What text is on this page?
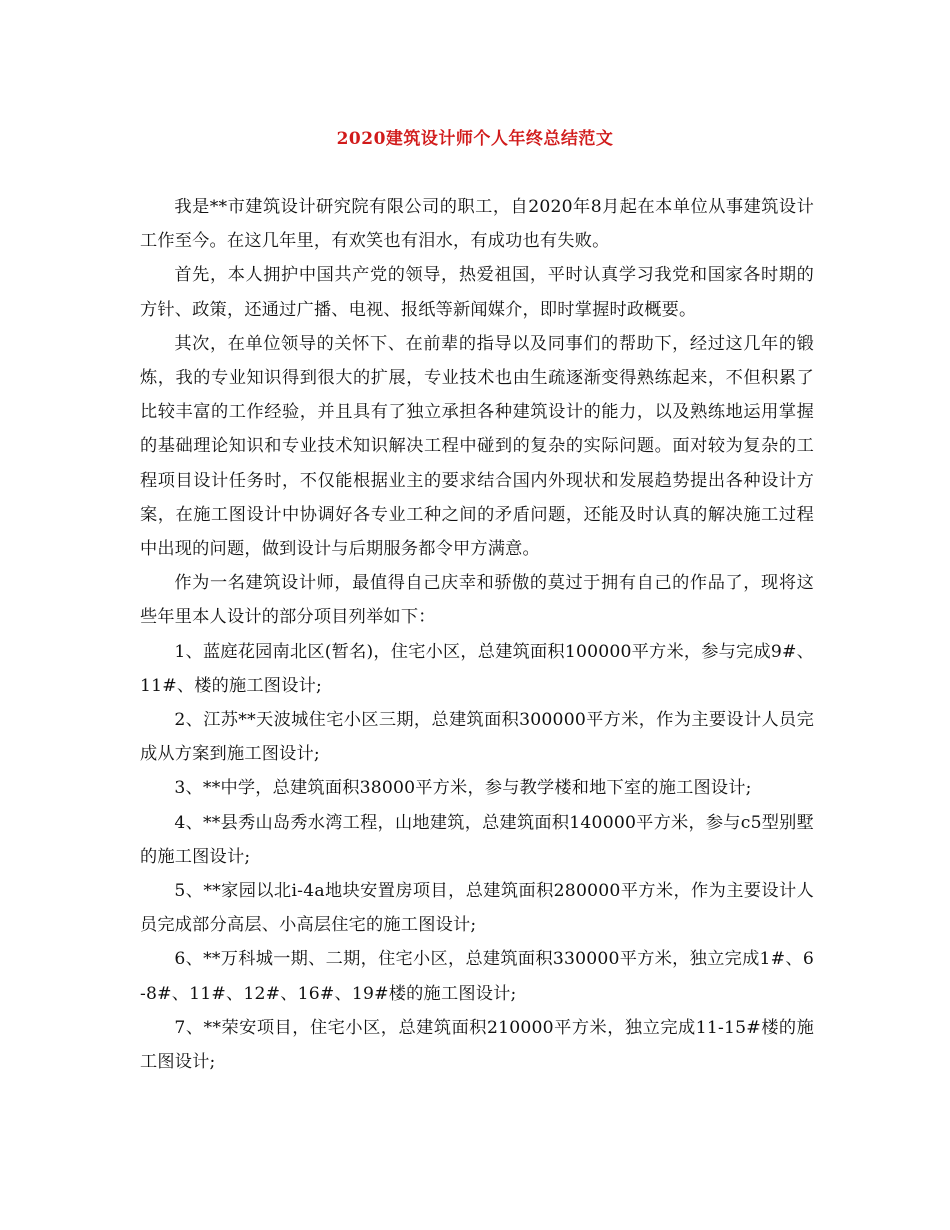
2020建筑设计师个人年终总结范文

我是**市建筑设计研究院有限公司的职工，自2020年8月起在本单位从事建筑设计工作至今。在这几年里，有欢笑也有泪水，有成功也有失败。

首先，本人拥护中国共产党的领导，热爱祖国，平时认真学习我党和国家各时期的方针、政策，还通过广播、电视、报纸等新闻媒介，即时掌握时政概要。

其次，在单位领导的关怀下、在前辈的指导以及同事们的帮助下，经过这几年的锻炼，我的专业知识得到很大的扩展，专业技术也由生疏逐渐变得熟练起来，不但积累了比较丰富的工作经验，并且具有了独立承担各种建筑设计的能力，以及熟练地运用掌握的基础理论知识和专业技术知识解决工程中碰到的复杂的实际问题。面对较为复杂的工程项目设计任务时，不仅能根据业主的要求结合国内外现状和发展趋势提出各种设计方案，在施工图设计中协调好各专业工种之间的矛盾问题，还能及时认真的解决施工过程中出现的问题，做到设计与后期服务都令甲方满意。

作为一名建筑设计师，最值得自己庆幸和骄傲的莫过于拥有自己的作品了，现将这些年里本人设计的部分项目列举如下：

1、蓝庭花园南北区(暂名)，住宅小区，总建筑面积100000平方米，参与完成9#、11#、楼的施工图设计;

2、江苏**天波城住宅小区三期，总建筑面积300000平方米，作为主要设计人员完成从方案到施工图设计;

3、**中学，总建筑面积38000平方米，参与教学楼和地下室的施工图设计;

4、**县秀山岛秀水湾工程，山地建筑，总建筑面积140000平方米，参与c5型别墅的施工图设计;

5、**家园以北i-4a地块安置房项目，总建筑面积280000平方米，作为主要设计人员完成部分高层、小高层住宅的施工图设计;

6、**万科城一期、二期，住宅小区，总建筑面积330000平方米，独立完成1#、6-8#、11#、12#、16#、19#楼的施工图设计;

7、**荣安项目，住宅小区，总建筑面积210000平方米，独立完成11-15#楼的施工图设计;
